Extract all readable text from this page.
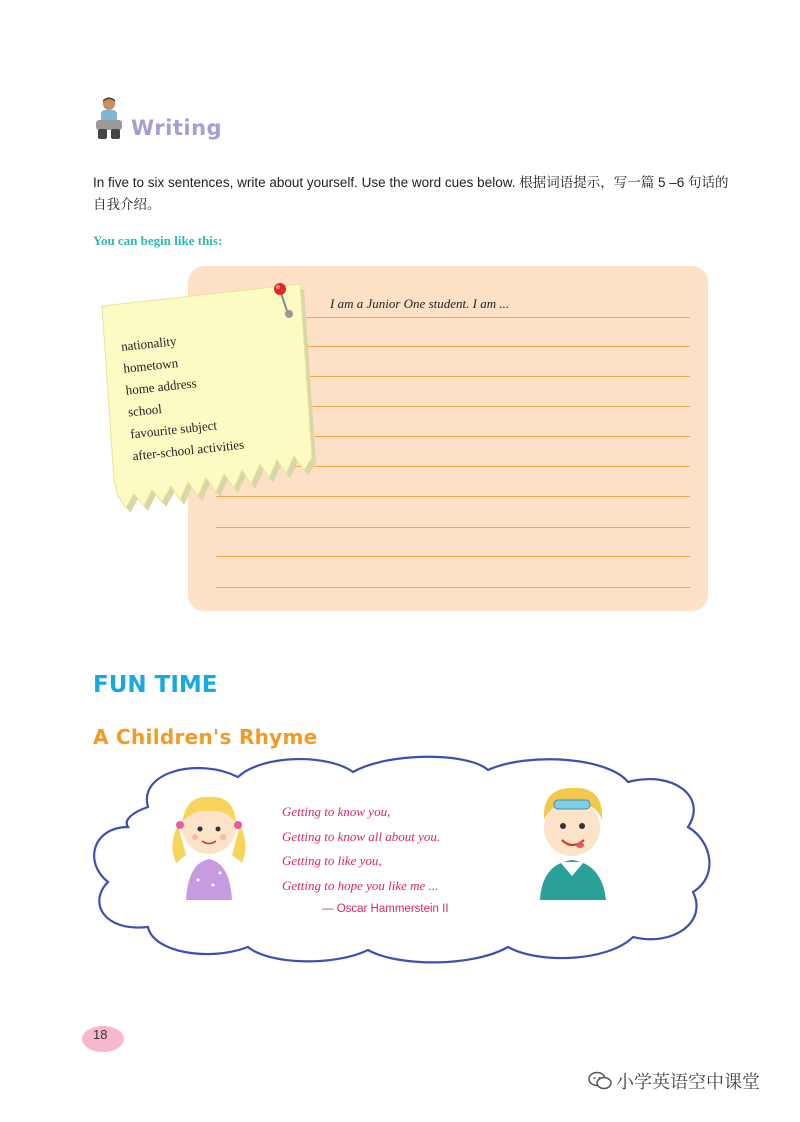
Writing
In five to six sentences, write about yourself. Use the word cues below. 根据词语提示，写一篇 5 –6 句话的自我介绍。
You can begin like this:
I am a Junior One student. I am ...
nationality
hometown
home address
school
favourite subject
after-school activities
FUN TIME
A Children's Rhyme
Getting to know you,
Getting to know all about you.
Getting to like you,
Getting to hope you like me ...
— Oscar Hammerstein II
18
小学英语空中课堂
